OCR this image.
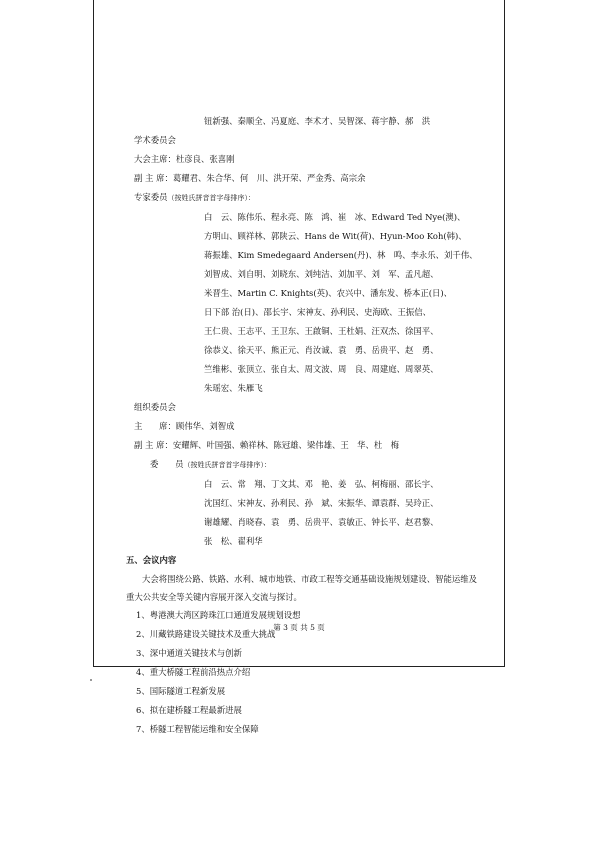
钮新强、秦顺全、冯夏庭、李术才、吴智深、蒋宇静、郝　洪
学术委员会
大会主席：杜彦良、张喜刚
副 主 席：葛耀君、朱合华、何　川、洪开荣、严金秀、高宗余
专家委员（按姓氏拼音首字母排序）：
白　云、陈伟乐、程永亮、陈　鸿、崔　冰、Edward Ted Nye(澳)、
方明山、顾祥林、郭陕云、Hans de Wit(荷)、Hyun-Moo Koh(韩)、
蒋振雄、Kim Smedegaard Andersen(丹)、林　鸣、李永乐、刘千伟、
刘智成、刘自明、刘晓东、刘纯洁、刘加平、刘　军、孟凡超、
米晋生、Martin C. Knights(英)、农兴中、潘东发、桥本正(日)、
日下部 治(日)、邵长宇、宋神友、孙利民、史海欧、王振信、
王仁贵、王志平、王卫东、王啟铜、王杜娟、汪双杰、徐国平、
徐恭义、徐天平、熊正元、肖汝诚、袁　勇、岳贵平、赵　勇、
竺维彬、张顶立、张自太、周文波、周　良、周建庭、周翠英、
朱瑶宏、朱雁飞
组织委员会
主　　席：顾伟华、刘智成
副 主 席：安耀辉、叶国强、赖祥林、陈冠雄、梁伟雄、王　华、杜　梅
委　　员（按姓氏拼音首字母排序）：
白　云、常　翔、丁文其、邓　艳、姜　弘、柯梅丽、邵长宇、
沈国红、宋神友、孙利民、孙　斌、宋振华、谭袁群、吴玲正、
谢雄耀、肖晓春、袁　勇、岳贵平、袁敏正、钟长平、赵君黎、
张　松、翟利华
五、会议内容
大会将围绕公路、铁路、水利、城市地铁、市政工程等交通基础设施规划建设、智能运维及重大公共安全等关键内容展开深入交流与探讨。
1、粤港澳大湾区跨珠江口通道发展规划设想
2、川藏铁路建设关键技术及重大挑战
3、深中通道关键技术与创新
4、重大桥隧工程前沿热点介绍
5、国际隧道工程新发展
6、拟在建桥隧工程最新进展
7、桥隧工程智能运维和安全保障
第 3 页 共 5 页
